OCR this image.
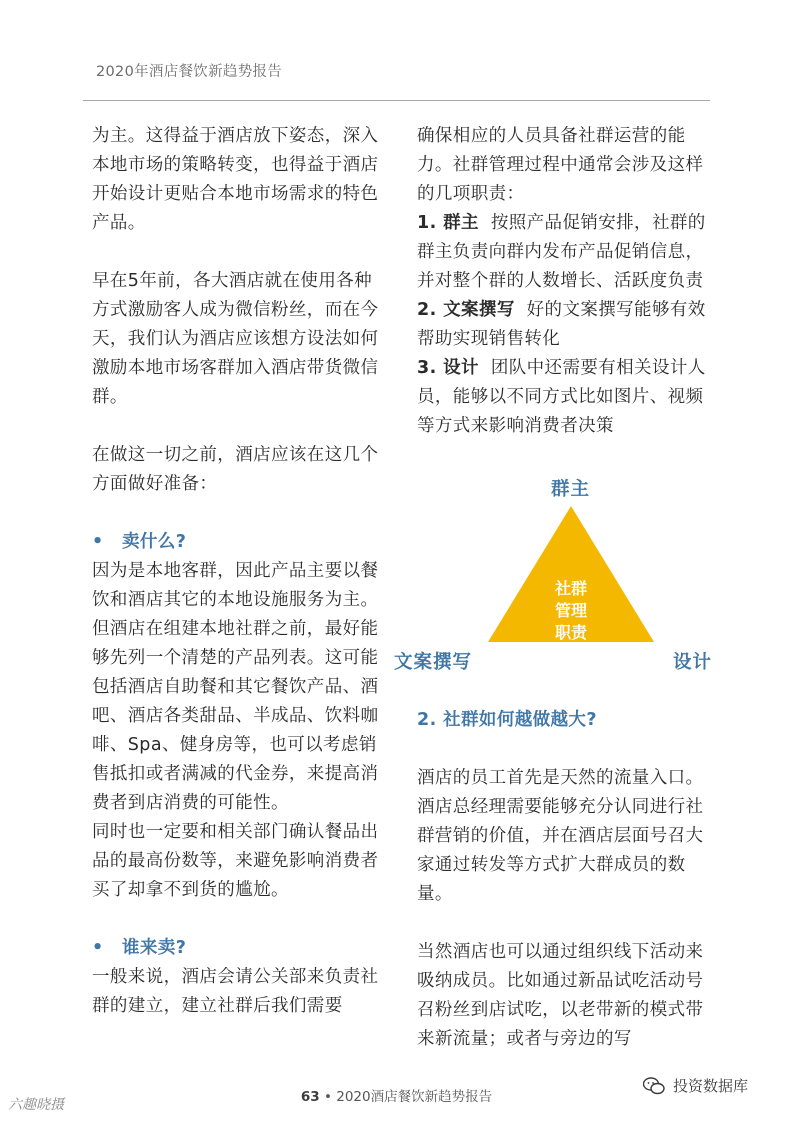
2020年酒店餐饮新趋势报告

为主。这得益于酒店放下姿态，深入本地市场的策略转变，也得益于酒店开始设计更贴合本地市场需求的特色产品。

早在5年前，各大酒店就在使用各种方式激励客人成为微信粉丝，而在今天，我们认为酒店应该想方设法如何激励本地市场客群加入酒店带货微信群。

在做这一切之前，酒店应该在这几个方面做好准备：

• 卖什么?

因为是本地客群，因此产品主要以餐饮和酒店其它的本地设施服务为主。但酒店在组建本地社群之前，最好能够先列一个清楚的产品列表。这可能包括酒店自助餐和其它餐饮产品、酒吧、酒店各类甜品、半成品、饮料咖啡、Spa、健身房等，也可以考虑销售抵扣或者满减的代金券，来提高消费者到店消费的可能性。

同时也一定要和相关部门确认餐品出品的最高份数等，来避免影响消费者买了却拿不到货的尴尬。

• 谁来卖?

一般来说，酒店会请公关部来负责社群的建立，建立社群后我们需要

确保相应的人员具备社群运营的能力。社群管理过程中通常会涉及这样的几项职责：

1. 群主 按照产品促销安排，社群的群主负责向群内发布产品促销信息，并对整个群的人数增长、活跃度负责

2. 文案撰写 好的文案撰写能够有效帮助实现销售转化

3. 设计 团队中还需要有相关设计人员，能够以不同方式比如图片、视频等方式来影响消费者决策

群主
社群
管理
职责
文案撰写	设计

2. 社群如何越做越大?

酒店的员工首先是天然的流量入口。酒店总经理需要能够充分认同进行社群营销的价值，并在酒店层面号召大家通过转发等方式扩大群成员的数量。

当然酒店也可以通过组织线下活动来吸纳成员。比如通过新品试吃活动号召粉丝到店试吃，以老带新的模式带来新流量；或者与旁边的写

63 • 2020酒店餐饮新趋势报告
六趣晓摄
投资数据库
